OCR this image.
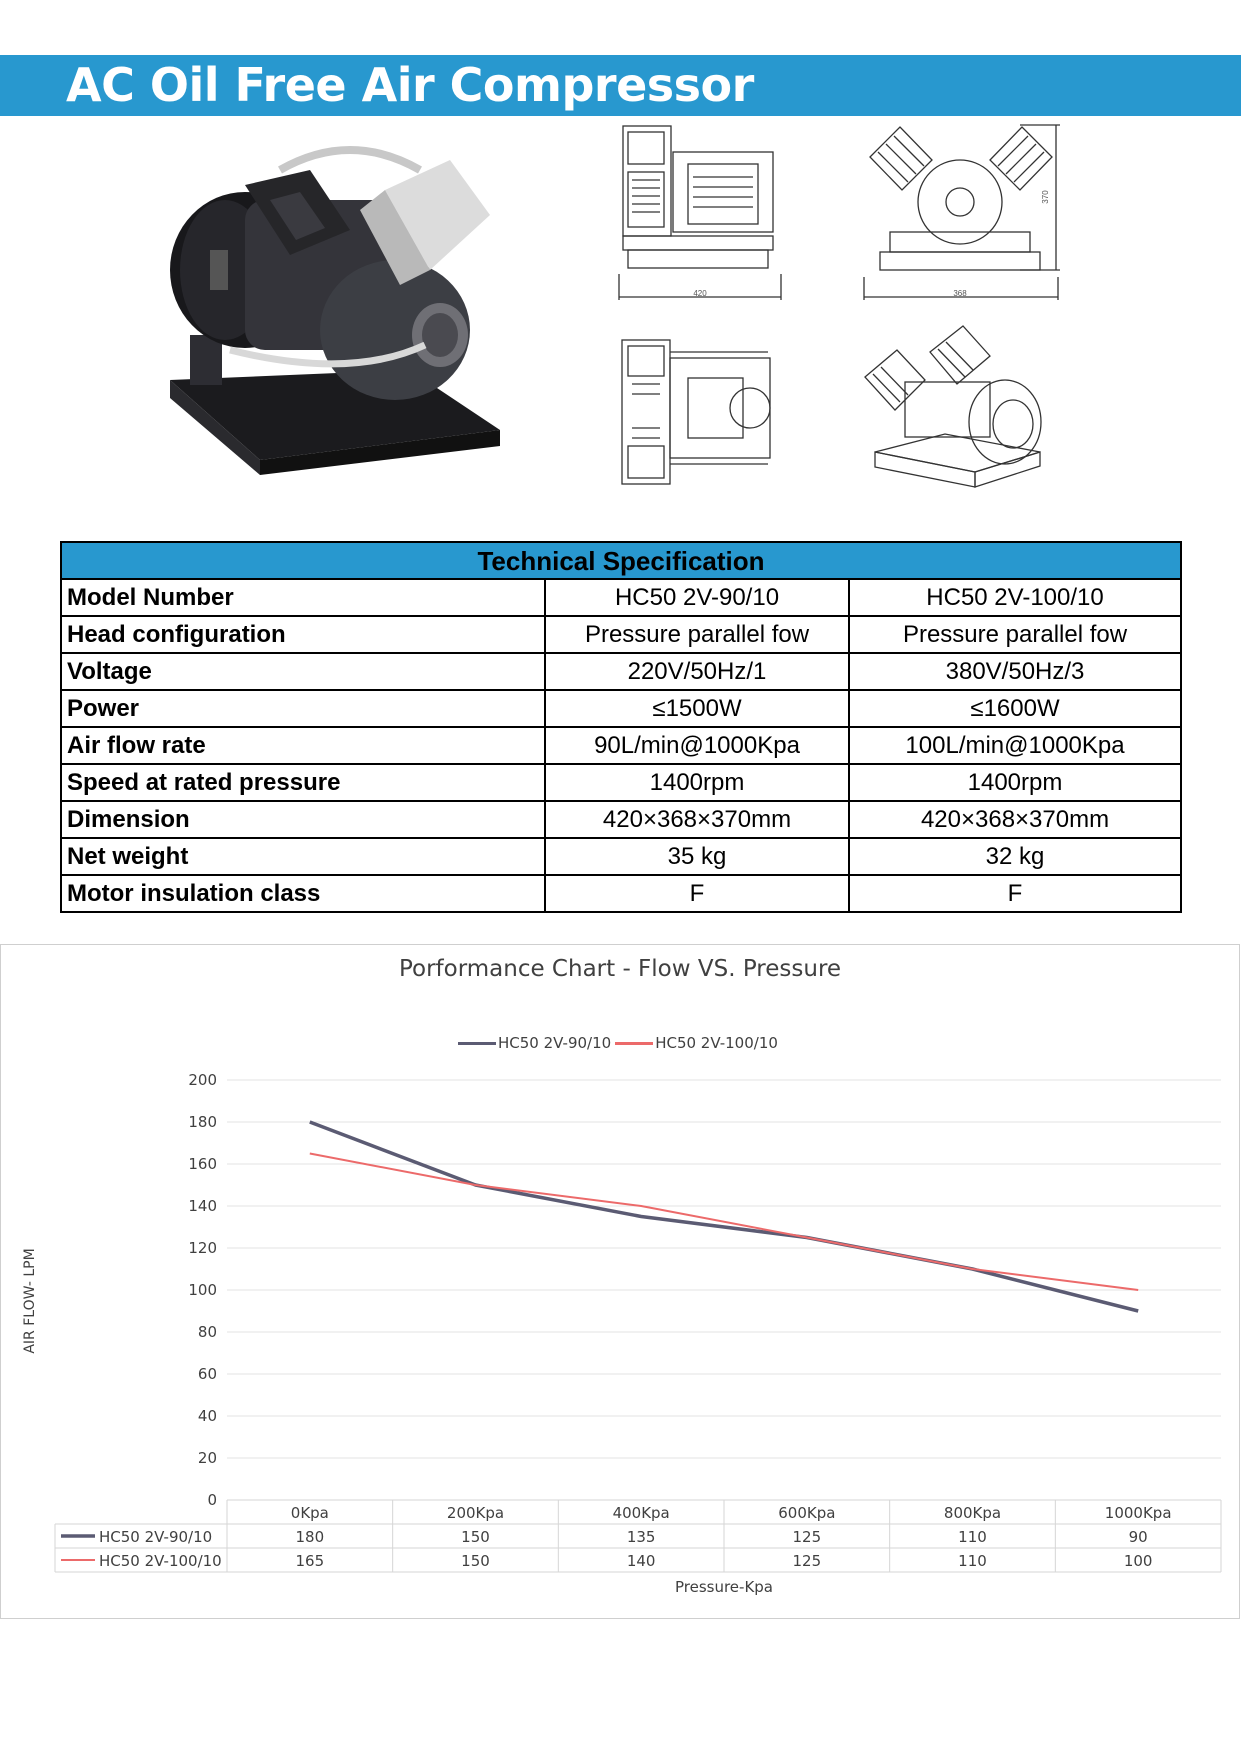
AC Oil Free Air Compressor
420	368
370
Technical Specification		
Model Number	HC50 2V-90/10	HC50 2V-100/10
Head configuration	Pressure parallel fow	Pressure parallel fow
Voltage	220V/50Hz/1	380V/50Hz/3
Power	≤1500W	≤1600W
Air flow rate	90L/min@1000Kpa	100L/min@1000Kpa
Speed at rated pressure	1400rpm	1400rpm
Dimension	420×368×370mm	420×368×370mm
Net weight	35 kg	32 kg
Motor insulation class	F	F
Porformance Chart - Flow VS. Pressure
HC50 2V-90/10	HC50 2V-100/10
AIR FLOW- LPM
Pressure-Kpa
0
20
40
60
80
100
120
140
160
180
200
0Kpa	200Kpa	400Kpa	600Kpa	800Kpa	1000Kpa
HC50 2V-90/10	180	150	135	125	110	90
HC50 2V-100/10	165	150	140	125	110	100
